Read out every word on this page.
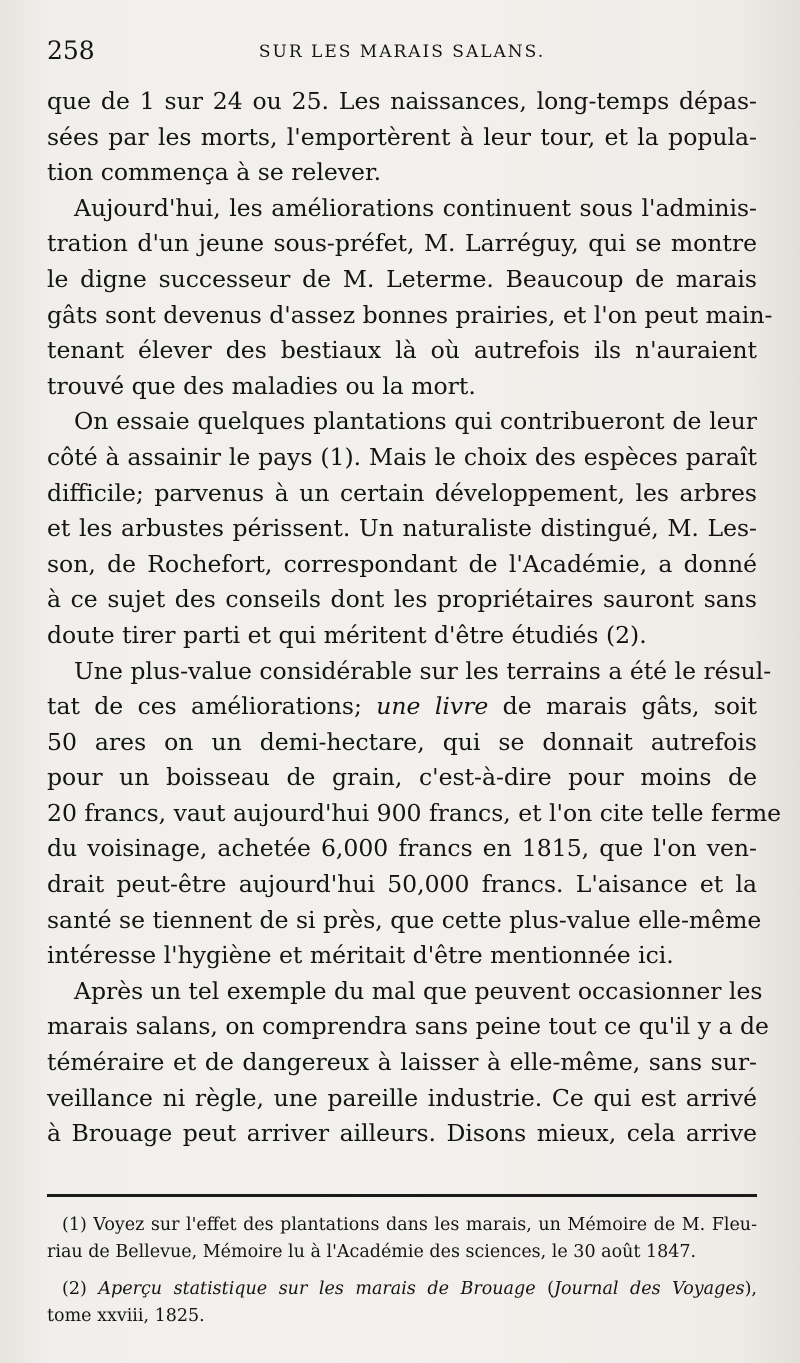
258	SUR LES MARAIS SALANS.
que de 1 sur 24 ou 25. Les naissances, long-temps dépas-
sées par les morts, l'emportèrent à leur tour, et la popula-
tion commença à se relever.
Aujourd'hui, les améliorations continuent sous l'adminis-
tration d'un jeune sous-préfet, M. Larréguy, qui se montre
le digne successeur de M. Leterme. Beaucoup de marais
gâts sont devenus d'assez bonnes prairies, et l'on peut main-
tenant élever des bestiaux là où autrefois ils n'auraient
trouvé que des maladies ou la mort.
On essaie quelques plantations qui contribueront de leur
côté à assainir le pays (1). Mais le choix des espèces paraît
difficile; parvenus à un certain développement, les arbres
et les arbustes périssent. Un naturaliste distingué, M. Les-
son, de Rochefort, correspondant de l'Académie, a donné
à ce sujet des conseils dont les propriétaires sauront sans
doute tirer parti et qui méritent d'être étudiés (2).
Une plus-value considérable sur les terrains a été le résul-
tat de ces améliorations; une livre de marais gâts, soit
50 ares on un demi-hectare, qui se donnait autrefois
pour un boisseau de grain, c'est-à-dire pour moins de
20 francs, vaut aujourd'hui 900 francs, et l'on cite telle ferme
du voisinage, achetée 6,000 francs en 1815, que l'on ven-
drait peut-être aujourd'hui 50,000 francs. L'aisance et la
santé se tiennent de si près, que cette plus-value elle-même
intéresse l'hygiène et méritait d'être mentionnée ici.
Après un tel exemple du mal que peuvent occasionner les
marais salans, on comprendra sans peine tout ce qu'il y a de
téméraire et de dangereux à laisser à elle-même, sans sur-
veillance ni règle, une pareille industrie. Ce qui est arrivé
à Brouage peut arriver ailleurs. Disons mieux, cela arrive
(1) Voyez sur l'effet des plantations dans les marais, un Mémoire de M. Fleu-
riau de Bellevue, Mémoire lu à l'Académie des sciences, le 30 août 1847.
(2) Aperçu statistique sur les marais de Brouage (Journal des Voyages),
tome xxviii, 1825.
